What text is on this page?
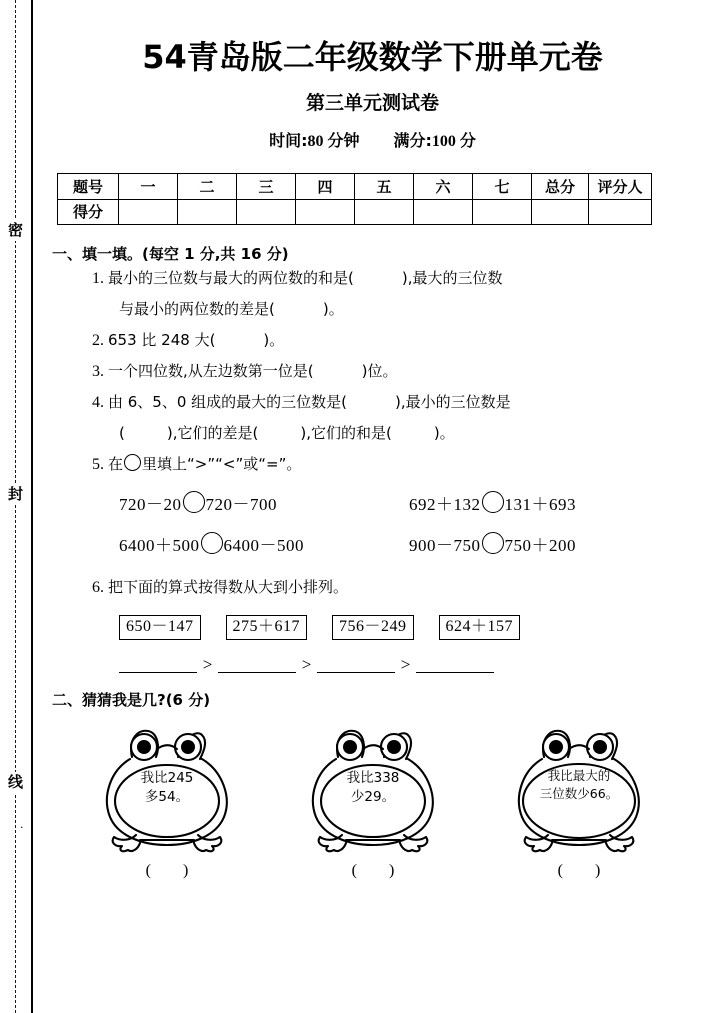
密
封
线
·
54青岛版二年级数学下册单元卷
第三单元测试卷
时间:80 分钟 满分:100 分
题号	一	二	三	四	五	六	七	总分	评分人
得分									
一、填一填。(每空 1 分,共 16 分)
1. 最小的三位数与最大的两位数的和是(	),最大的三位数
与最小的两位数的差是(	)。
2. 653 比 248 大(	)。
3. 一个四位数,从左边数第一位是(	)位。
4. 由 6、5、0 组成的最大的三位数是(	),最小的三位数是
(	),它们的差是(	),它们的和是(	)。
5. 在 里填上“>”“<”或“=”。
720－20 720－700	692＋132 131＋693
6400＋500 6400－500	900－750 750＋200
6. 把下面的算式按得数从大到小排列。
650－147	275＋617	756－249	624＋157
>	>	>
二、猜猜我是几?(6 分)
我比245
多54。
( )
我比338
少29。
( )
我比最大的
三位数少66。
( )
